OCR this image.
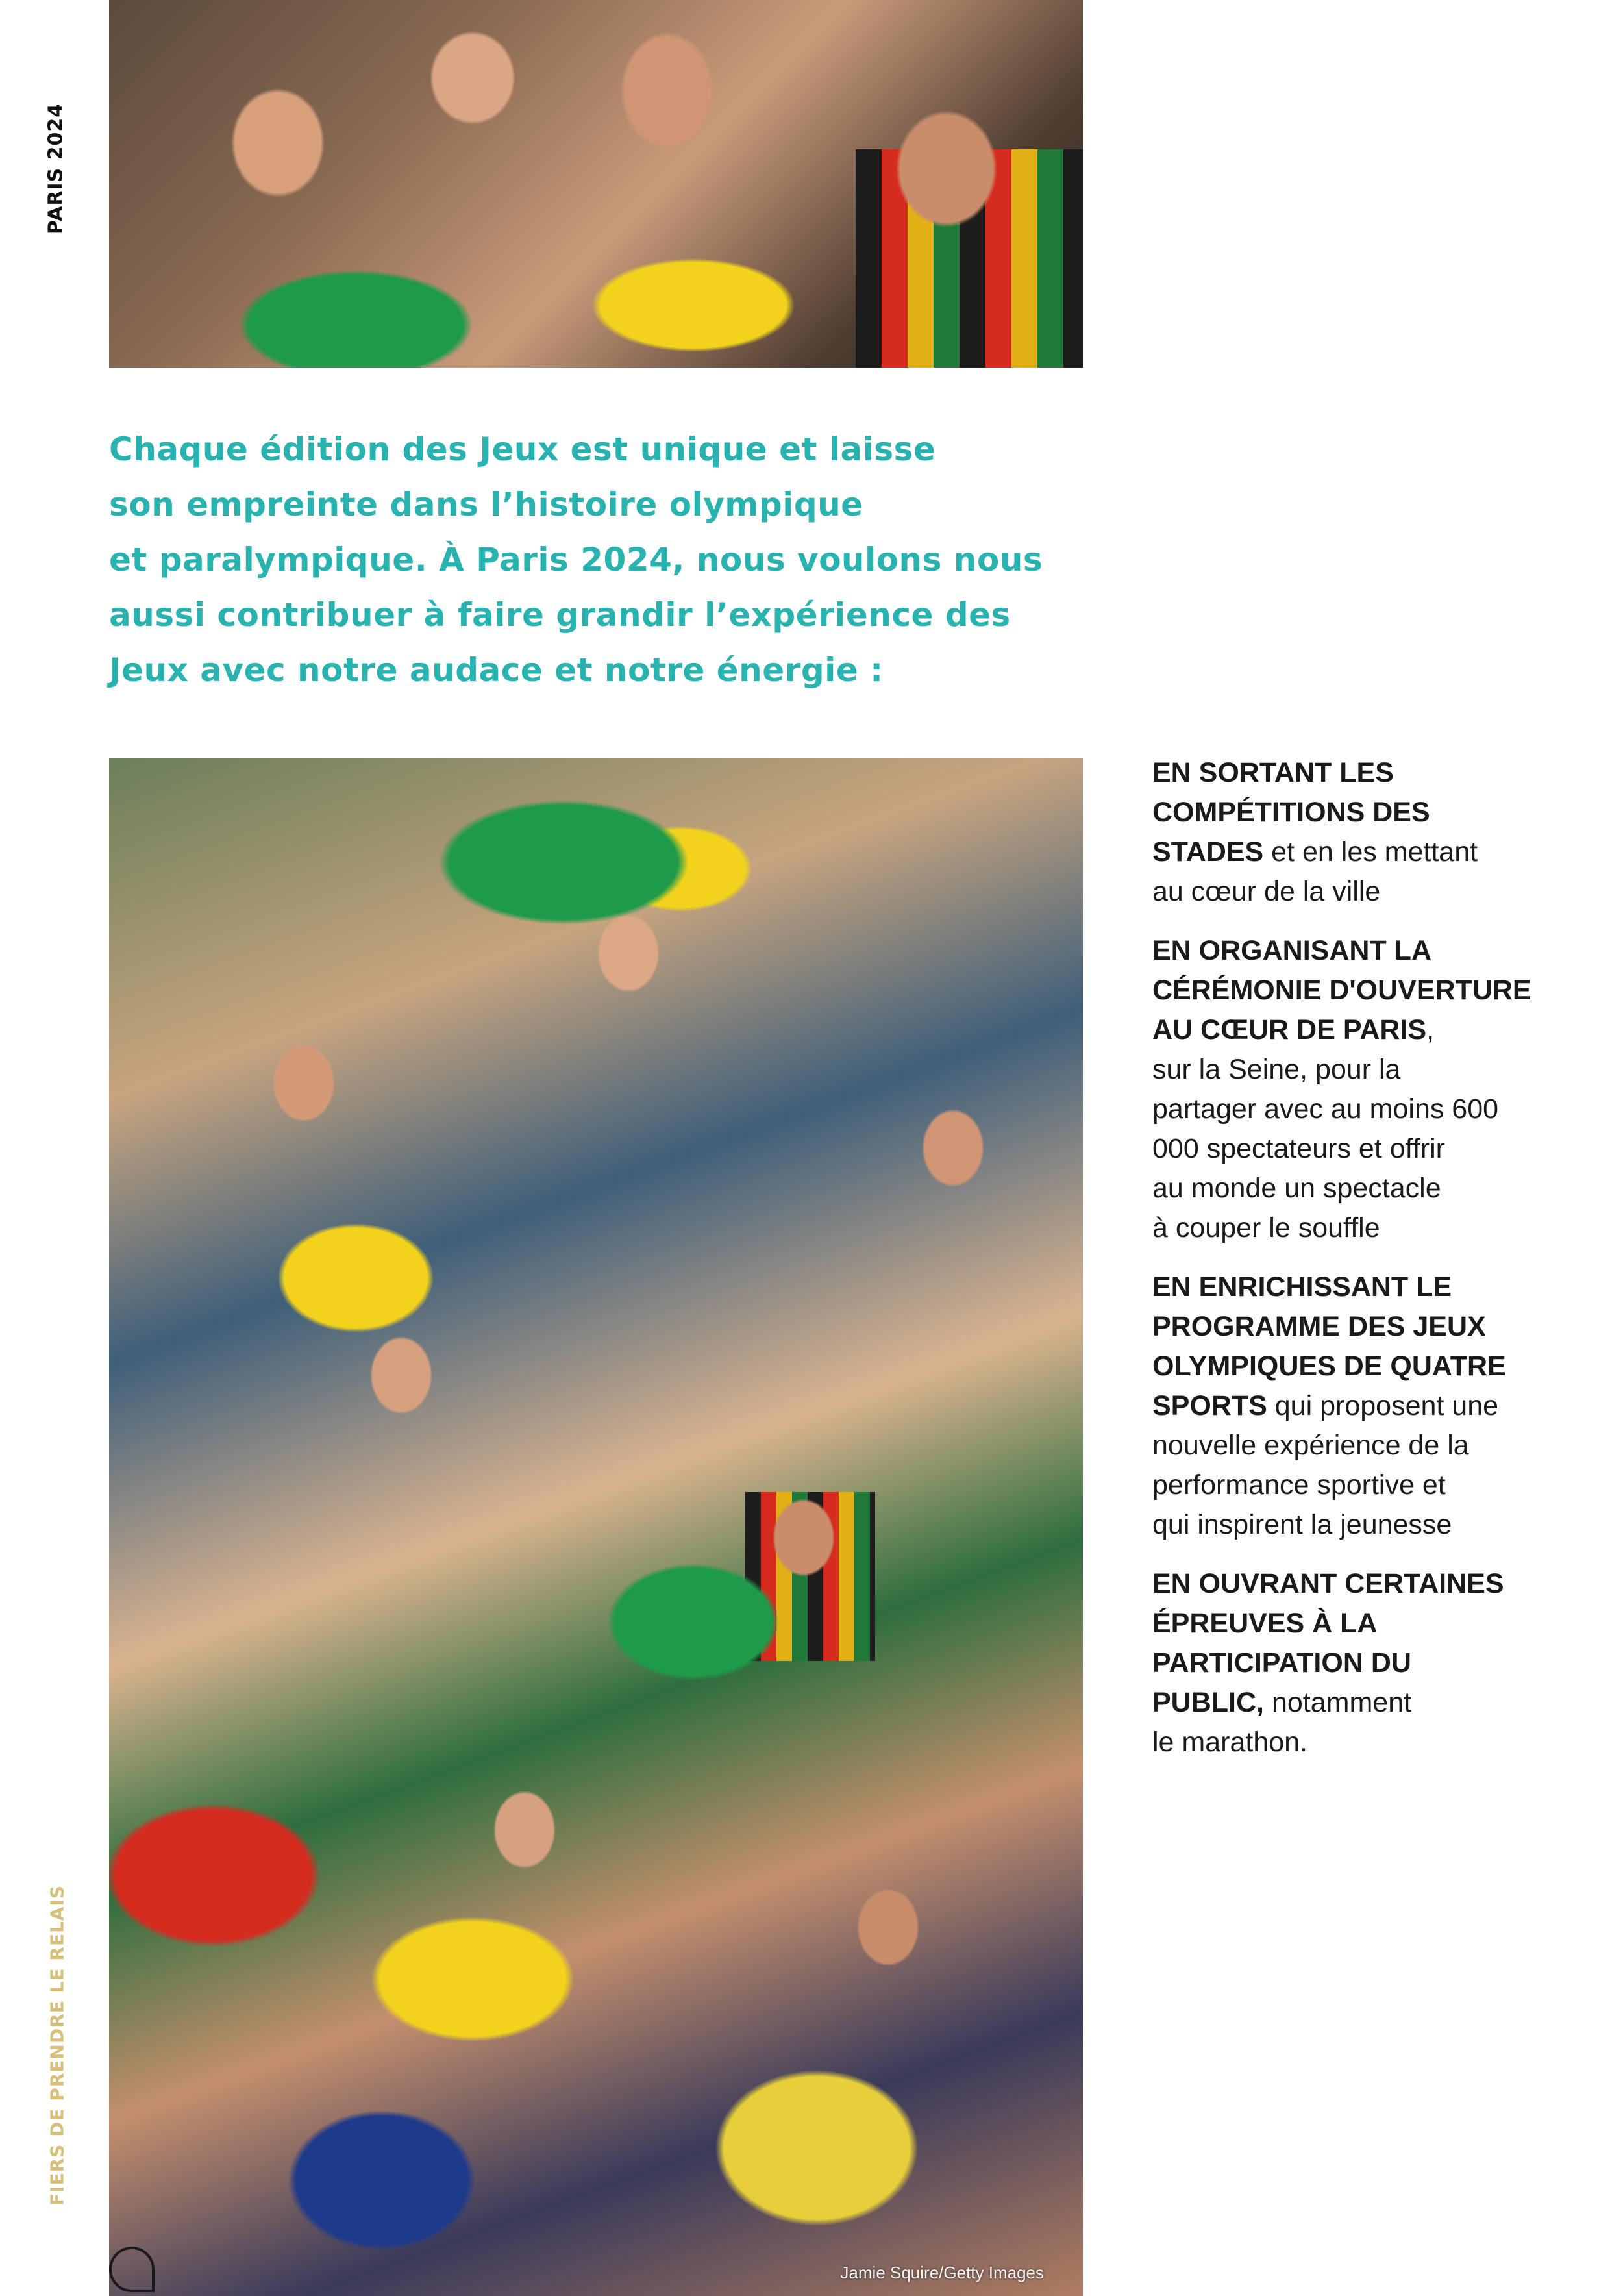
PARIS 2024

Chaque édition des Jeux est unique et laisse
son empreinte dans l’histoire olympique
et paralympique. À Paris 2024, nous voulons nous
aussi contribuer à faire grandir l’expérience des
Jeux avec notre audace et notre énergie :

Jamie Squire/Getty Images
EN SORTANT LES
COMPÉTITIONS DES
STADES et en les mettant
au cœur de la ville
EN ORGANISANT LA
CÉRÉMONIE D'OUVERTURE
AU CŒUR DE PARIS,
sur la Seine, pour la
partager avec au moins 600
000 spectateurs et offrir
au monde un spectacle
à couper le souffle
EN ENRICHISSANT LE
PROGRAMME DES JEUX
OLYMPIQUES DE QUATRE
SPORTS qui proposent une
nouvelle expérience de la
performance sportive et
qui inspirent la jeunesse
EN OUVRANT CERTAINES
ÉPREUVES À LA
PARTICIPATION DU
PUBLIC, notamment
le marathon.
FIERS DE PRENDRE LE RELAIS
